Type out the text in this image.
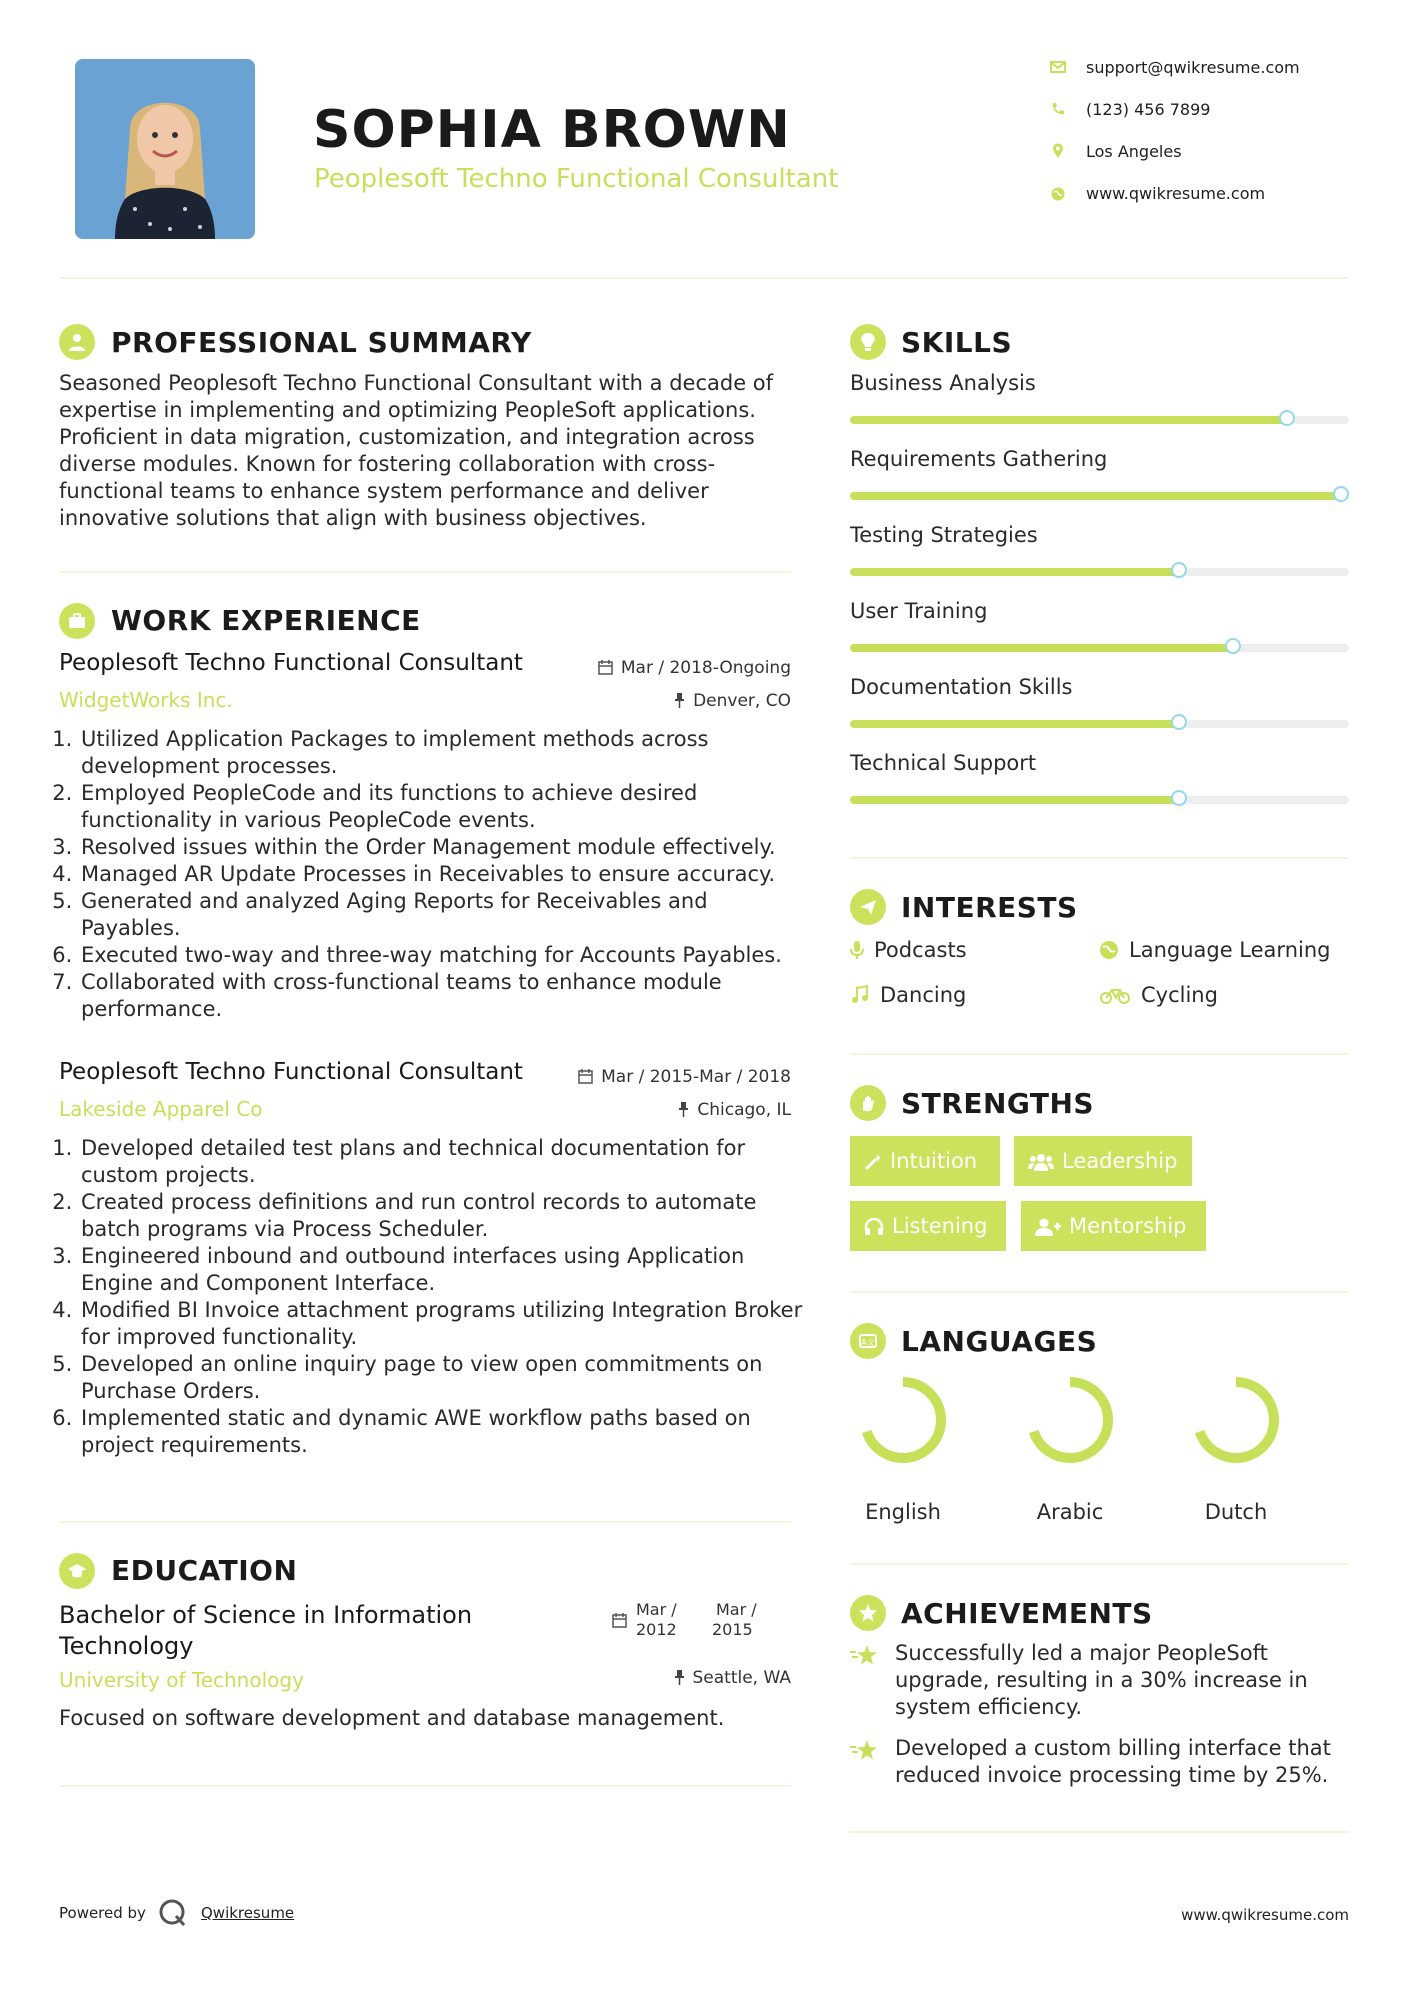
SOPHIA BROWN
Peoplesoft Techno Functional Consultant
support@qwikresume.com
(123) 456 7899
Los Angeles
www.qwikresume.com
PROFESSIONAL SUMMARY
Seasoned Peoplesoft Techno Functional Consultant with a decade of expertise in implementing and optimizing PeopleSoft applications. Proficient in data migration, customization, and integration across diverse modules. Known for fostering collaboration with cross-functional teams to enhance system performance and deliver innovative solutions that align with business objectives.
WORK EXPERIENCE
Peoplesoft Techno Functional Consultant	Mar / 2018-Ongoing
WidgetWorks Inc.	Denver, CO
1. Utilized Application Packages to implement methods across development processes.
2. Employed PeopleCode and its functions to achieve desired functionality in various PeopleCode events.
3. Resolved issues within the Order Management module effectively.
4. Managed AR Update Processes in Receivables to ensure accuracy.
5. Generated and analyzed Aging Reports for Receivables and Payables.
6. Executed two-way and three-way matching for Accounts Payables.
7. Collaborated with cross-functional teams to enhance module performance.
Peoplesoft Techno Functional Consultant	Mar / 2015-Mar / 2018
Lakeside Apparel Co	Chicago, IL
1. Developed detailed test plans and technical documentation for custom projects.
2. Created process definitions and run control records to automate batch programs via Process Scheduler.
3. Engineered inbound and outbound interfaces using Application Engine and Component Interface.
4. Modified BI Invoice attachment programs utilizing Integration Broker for improved functionality.
5. Developed an online inquiry page to view open commitments on Purchase Orders.
6. Implemented static and dynamic AWE workflow paths based on project requirements.
EDUCATION
Bachelor of Science in Information Technology
Mar /
2012
Mar /
2015
University of Technology	Seattle, WA
Focused on software development and database management.
SKILLS
Business Analysis
Requirements Gathering
Testing Strategies
User Training
Documentation Skills
Technical Support
INTERESTS
Podcasts	Language Learning
Dancing	Cycling
STRENGTHS
Intuition	Leadership
Listening	Mentorship
A文 LANGUAGES
English	Arabic	Dutch
ACHIEVEMENTS
Successfully led a major PeopleSoft upgrade, resulting in a 30% increase in system efficiency.
Developed a custom billing interface that reduced invoice processing time by 25%.
Powered by	Qwikresume	www.qwikresume.com
